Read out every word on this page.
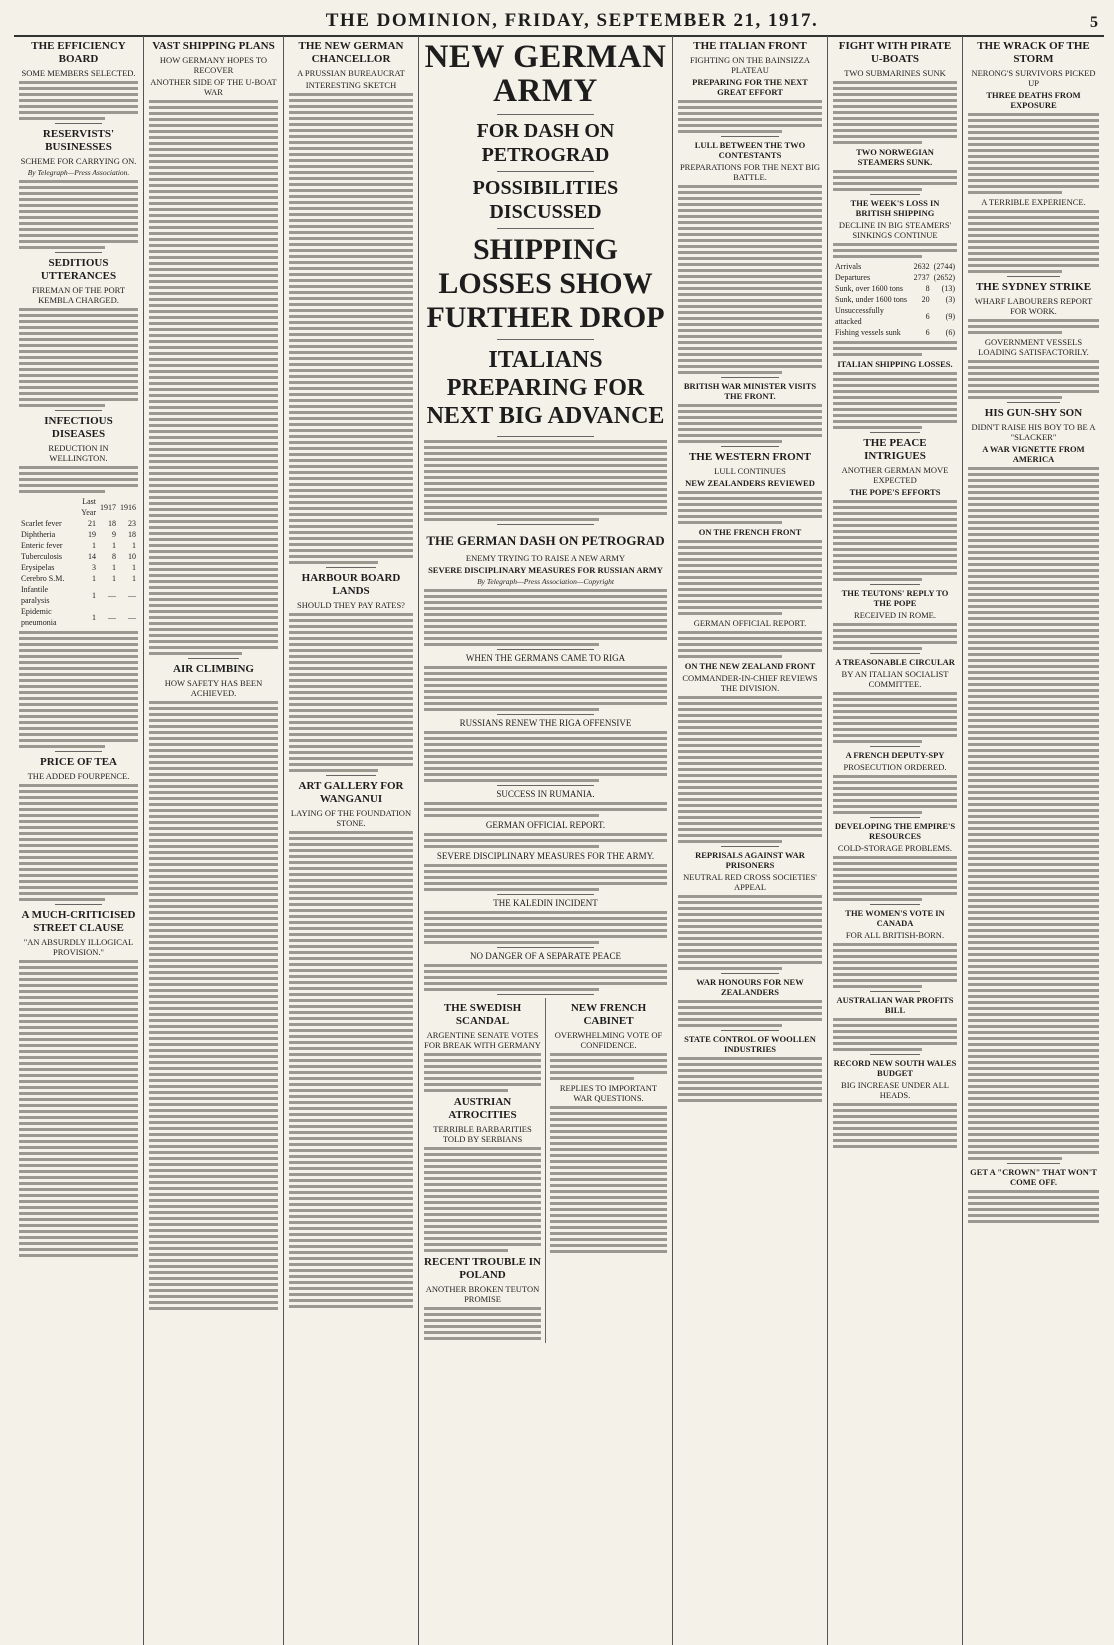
THE DOMINION, FRIDAY, SEPTEMBER 21, 1917.	5
THE EFFICIENCY BOARD
SOME MEMBERS SELECTED.
RESERVISTS' BUSINESSES
SCHEME FOR CARRYING ON.
By Telegraph—Press Association.
SEDITIOUS UTTERANCES
FIREMAN OF THE PORT KEMBLA CHARGED.
INFECTIOUS DISEASES
REDUCTION IN WELLINGTON.
	Last Year	1917	1916
Scarlet fever	21	18	23
Diphtheria	19	9	18
Enteric fever	1	1	1
Tuberculosis	14	8	10
Erysipelas	3	1	1
Cerebro S.M.	1	1	1
Infantile paralysis	1	—	—
Epidemic pneumonia	1	—	—
PRICE OF TEA
THE ADDED FOURPENCE.
A MUCH-CRITICISED STREET CLAUSE
"AN ABSURDLY ILLOGICAL PROVISION."
VAST SHIPPING PLANS
HOW GERMANY HOPES TO RECOVER
ANOTHER SIDE OF THE U-BOAT WAR
AIR CLIMBING
HOW SAFETY HAS BEEN ACHIEVED.
THE NEW GERMAN CHANCELLOR
A PRUSSIAN BUREAUCRAT
INTERESTING SKETCH
HARBOUR BOARD LANDS
SHOULD THEY PAY RATES?
ART GALLERY FOR WANGANUI
LAYING OF THE FOUNDATION STONE.
NEW GERMAN ARMY
FOR DASH ON PETROGRAD
POSSIBILITIES DISCUSSED
SHIPPING LOSSES SHOW FURTHER DROP
ITALIANS PREPARING FOR NEXT BIG ADVANCE
THE GERMAN DASH ON PETROGRAD
ENEMY TRYING TO RAISE A NEW ARMY
SEVERE DISCIPLINARY MEASURES FOR RUSSIAN ARMY
By Telegraph—Press Association—Copyright
WHEN THE GERMANS CAME TO RIGA
RUSSIANS RENEW THE RIGA OFFENSIVE
SUCCESS IN RUMANIA.
GERMAN OFFICIAL REPORT.
SEVERE DISCIPLINARY MEASURES FOR THE ARMY.
THE KALEDIN INCIDENT
NO DANGER OF A SEPARATE PEACE
THE SWEDISH SCANDAL
ARGENTINE SENATE VOTES FOR BREAK WITH GERMANY
AUSTRIAN ATROCITIES
TERRIBLE BARBARITIES TOLD BY SERBIANS
RECENT TROUBLE IN POLAND
ANOTHER BROKEN TEUTON PROMISE
NEW FRENCH CABINET
OVERWHELMING VOTE OF CONFIDENCE.
REPLIES TO IMPORTANT WAR QUESTIONS.
THE ITALIAN FRONT
FIGHTING ON THE BAINSIZZA PLATEAU
PREPARING FOR THE NEXT GREAT EFFORT
LULL BETWEEN THE TWO CONTESTANTS
PREPARATIONS FOR THE NEXT BIG BATTLE.
BRITISH WAR MINISTER VISITS THE FRONT.
THE WESTERN FRONT
LULL CONTINUES
NEW ZEALANDERS REVIEWED
ON THE FRENCH FRONT
GERMAN OFFICIAL REPORT.
ON THE NEW ZEALAND FRONT
COMMANDER-IN-CHIEF REVIEWS THE DIVISION.
REPRISALS AGAINST WAR PRISONERS
NEUTRAL RED CROSS SOCIETIES' APPEAL
WAR HONOURS FOR NEW ZEALANDERS
STATE CONTROL OF WOOLLEN INDUSTRIES
FIGHT WITH PIRATE U-BOATS
TWO SUBMARINES SUNK
TWO NORWEGIAN STEAMERS SUNK.
THE WEEK'S LOSS IN BRITISH SHIPPING
DECLINE IN BIG STEAMERS' SINKINGS CONTINUE
Arrivals	2632	(2744)
Departures	2737	(2652)
Sunk, over 1600 tons	8	(13)
Sunk, under 1600 tons	20	(3)
Unsuccessfully attacked	6	(9)
Fishing vessels sunk	6	(6)
ITALIAN SHIPPING LOSSES.
THE PEACE INTRIGUES
ANOTHER GERMAN MOVE EXPECTED
THE POPE'S EFFORTS
THE TEUTONS' REPLY TO THE POPE
RECEIVED IN ROME.
A TREASONABLE CIRCULAR
BY AN ITALIAN SOCIALIST COMMITTEE.
A FRENCH DEPUTY-SPY
PROSECUTION ORDERED.
DEVELOPING THE EMPIRE'S RESOURCES
COLD-STORAGE PROBLEMS.
THE WOMEN'S VOTE IN CANADA
FOR ALL BRITISH-BORN.
AUSTRALIAN WAR PROFITS BILL
RECORD NEW SOUTH WALES BUDGET
BIG INCREASE UNDER ALL HEADS.
THE WRACK OF THE STORM
NERONG'S SURVIVORS PICKED UP
THREE DEATHS FROM EXPOSURE
A TERRIBLE EXPERIENCE.
THE SYDNEY STRIKE
WHARF LABOURERS REPORT FOR WORK.
GOVERNMENT VESSELS LOADING SATISFACTORILY.
HIS GUN-SHY SON
DIDN'T RAISE HIS BOY TO BE A "SLACKER"
A WAR VIGNETTE FROM AMERICA
GET A "CROWN" THAT WON'T COME OFF.
